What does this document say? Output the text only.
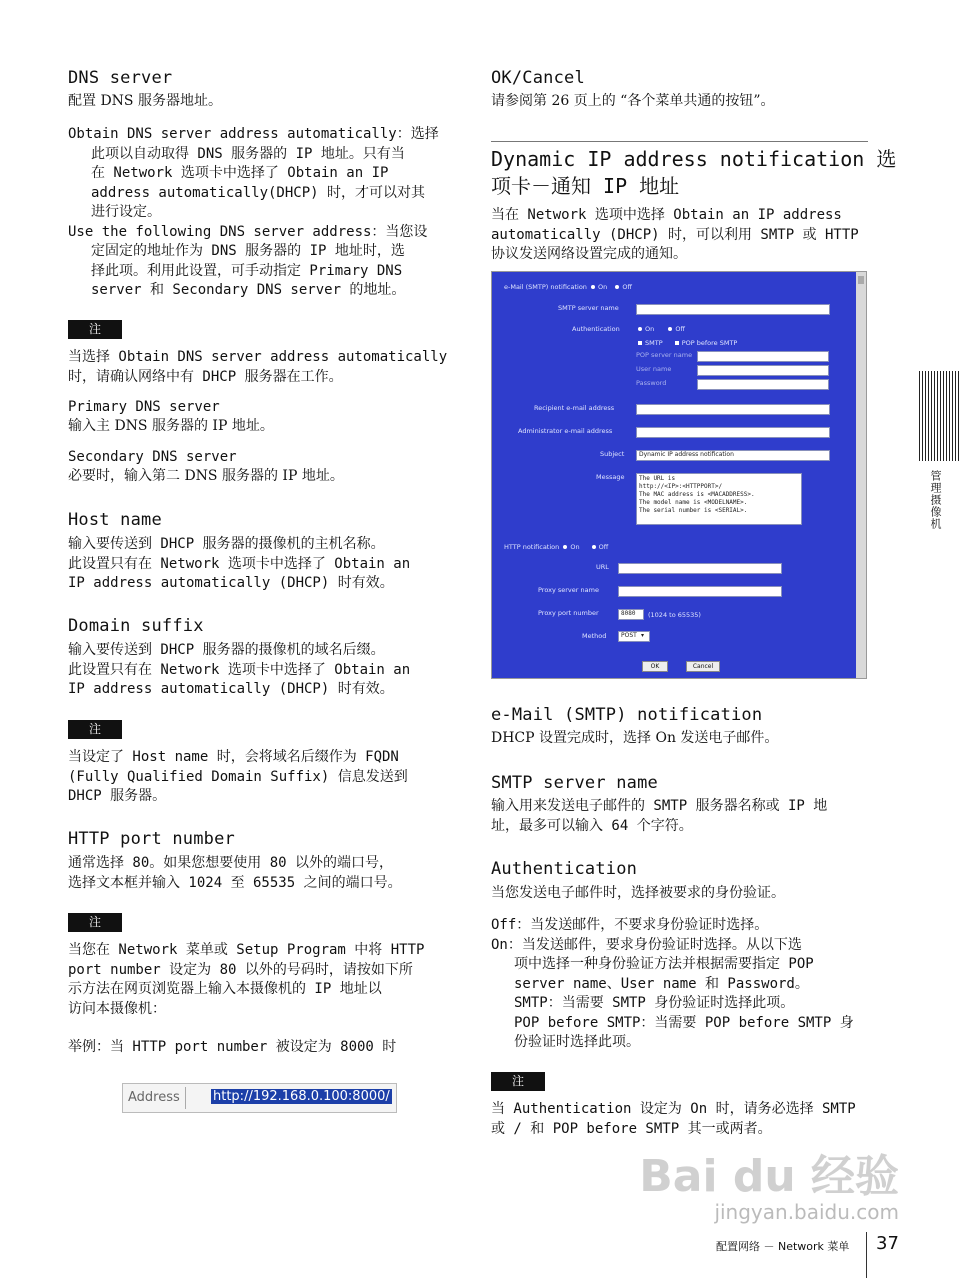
DNS server
配置 DNS 服务器地址。
Obtain DNS server address automatically：选择
此项以自动取得 DNS 服务器的 IP 地址。只有当
在 Network 选项卡中选择了 Obtain an IP
address automatically(DHCP) 时，才可以对其
进行设定。
Use the following DNS server address：当您设
定固定的地址作为 DNS 服务器的 IP 地址时，选
择此项。利用此设置，可手动指定 Primary DNS
server 和 Secondary DNS server 的地址。
注
当选择 Obtain DNS server address automatically
时，请确认网络中有 DHCP 服务器在工作。
Primary DNS server
输入主 DNS 服务器的 IP 地址。
Secondary DNS server
必要时，输入第二 DNS 服务器的 IP 地址。
Host name
输入要传送到 DHCP 服务器的摄像机的主机名称。
此设置只有在 Network 选项卡中选择了 Obtain an
IP address automatically (DHCP) 时有效。
Domain suffix
输入要传送到 DHCP 服务器的摄像机的域名后缀。
此设置只有在 Network 选项卡中选择了 Obtain an
IP address automatically (DHCP) 时有效。
注
当设定了 Host name 时，会将域名后缀作为 FQDN
(Fully Qualified Domain Suffix) 信息发送到
DHCP 服务器。
HTTP port number
通常选择 80。如果您想要使用 80 以外的端口号，
选择文本框并输入 1024 至 65535 之间的端口号。
注
当您在 Network 菜单或 Setup Program 中将 HTTP
port number 设定为 80 以外的号码时，请按如下所
示方法在网页浏览器上输入本摄像机的 IP 地址以
访问本摄像机：
举例：当 HTTP port number 被设定为 8000 时
Address	http://192.168.0.100:8000/
OK/Cancel
请参阅第 26 页上的 “各个菜单共通的按钮”。
Dynamic IP address notification 选
项卡－通知 IP 地址
当在 Network 选项中选择 Obtain an IP address
automatically (DHCP) 时，可以利用 SMTP 或 HTTP
协议发送网络设置完成的通知。
e-Mail (SMTP) notification On Off
SMTP server name
Authentication	On	Off
SMTP	POP before SMTP
POP server name
User name
Password
Recipient e-mail address
Administrator e-mail address
Subject Dynamic IP address notification
Message The URL is
http://<IP>:<HTTPPORT>/
The MAC address is <MACADDRESS>.
The model name is <MODELNAME>.
The serial number is <SERIAL>.
HTTP notification On	Off
URL
Proxy server name
Proxy port number	8080 (1024 to 65535)
Method POST ▾
OK	Cancel
e-Mail (SMTP) notification
DHCP 设置完成时，选择 On 发送电子邮件。
SMTP server name
输入用来发送电子邮件的 SMTP 服务器名称或 IP 地
址，最多可以输入 64 个字符。
Authentication
当您发送电子邮件时，选择被要求的身份验证。
Off：当发送邮件，不要求身份验证时选择。
On：当发送邮件，要求身份验证时选择。从以下选
项中选择一种身份验证方法并根据需要指定 POP
server name、User name 和 Password。
SMTP：当需要 SMTP 身份验证时选择此项。
POP before SMTP：当需要 POP before SMTP 身
份验证时选择此项。
注
当 Authentication 设定为 On 时，请务必选择 SMTP
或 / 和 POP before SMTP 其一或两者。
管理摄像机
Bai du 经验
jingyan.baidu.com
配置网络 － Network 菜单 37
